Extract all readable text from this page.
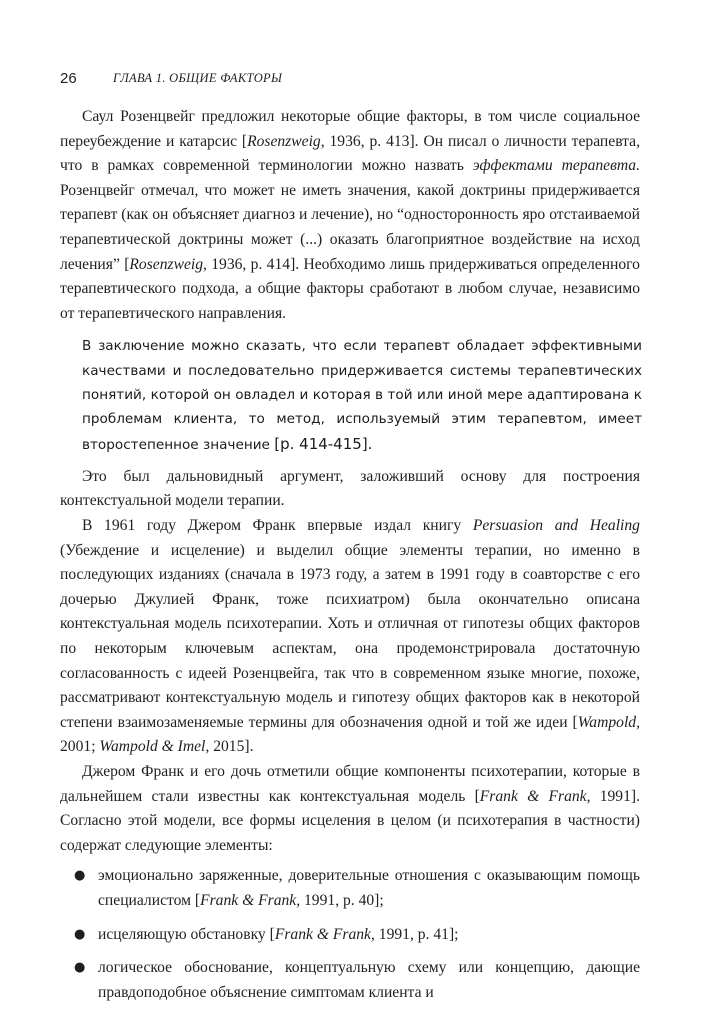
26	ГЛАВА 1. ОБЩИЕ ФАКТОРЫ

Саул Розенцвейг предложил некоторые общие факторы, в том числе социальное переубеждение и катарсис [Rosenzweig, 1936, p. 413]. Он писал о личности терапевта, что в рамках современной терминологии можно назвать эффектами терапевта. Розенцвейг отмечал, что может не иметь значения, какой доктрины придерживается терапевт (как он объясняет диагноз и лечение), но “односторонность яро отстаиваемой терапевтической доктрины может (...) оказать благоприятное воздействие на исход лечения” [Rosenzweig, 1936, p. 414]. Необходимо лишь придерживаться определенного терапевтического подхода, а общие факторы сработают в любом случае, независимо от терапевтического направления.

В заключение можно сказать, что если терапевт обладает эффективными качествами и последовательно придерживается системы терапевтических понятий, которой он овладел и которая в той или иной мере адаптирована к проблемам клиента, то метод, используемый этим терапевтом, имеет второстепенное значение [р. 414-415].

Это был дальновидный аргумент, заложивший основу для построения контекстуальной модели терапии.

В 1961 году Джером Франк впервые издал книгу Persuasion and Healing (Убеждение и исцеление) и выделил общие элементы терапии, но именно в последующих изданиях (сначала в 1973 году, а затем в 1991 году в соавторстве с его дочерью Джулией Франк, тоже психиатром) была окончательно описана контекстуальная модель психотерапии. Хоть и отличная от гипотезы общих факторов по некоторым ключевым аспектам, она продемонстрировала достаточную согласованность с идеей Розенцвейга, так что в современном языке многие, похоже, рассматривают контекстуальную модель и гипотезу общих факторов как в некоторой степени взаимозаменяемые термины для обозначения одной и той же идеи [Wampold, 2001; Wampold & Imel, 2015].

Джером Франк и его дочь отметили общие компоненты психотерапии, которые в дальнейшем стали известны как контекстуальная модель [Frank & Frank, 1991]. Согласно этой модели, все формы исцеления в целом (и психотерапия в частности) содержат следующие элементы:

● эмоционально заряженные, доверительные отношения с оказывающим помощь специалистом [Frank & Frank, 1991, р. 40];
● исцеляющую обстановку [Frank & Frank, 1991, р. 41];
● логическое обоснование, концептуальную схему или концепцию, дающие правдоподобное объяснение симптомам клиента и
